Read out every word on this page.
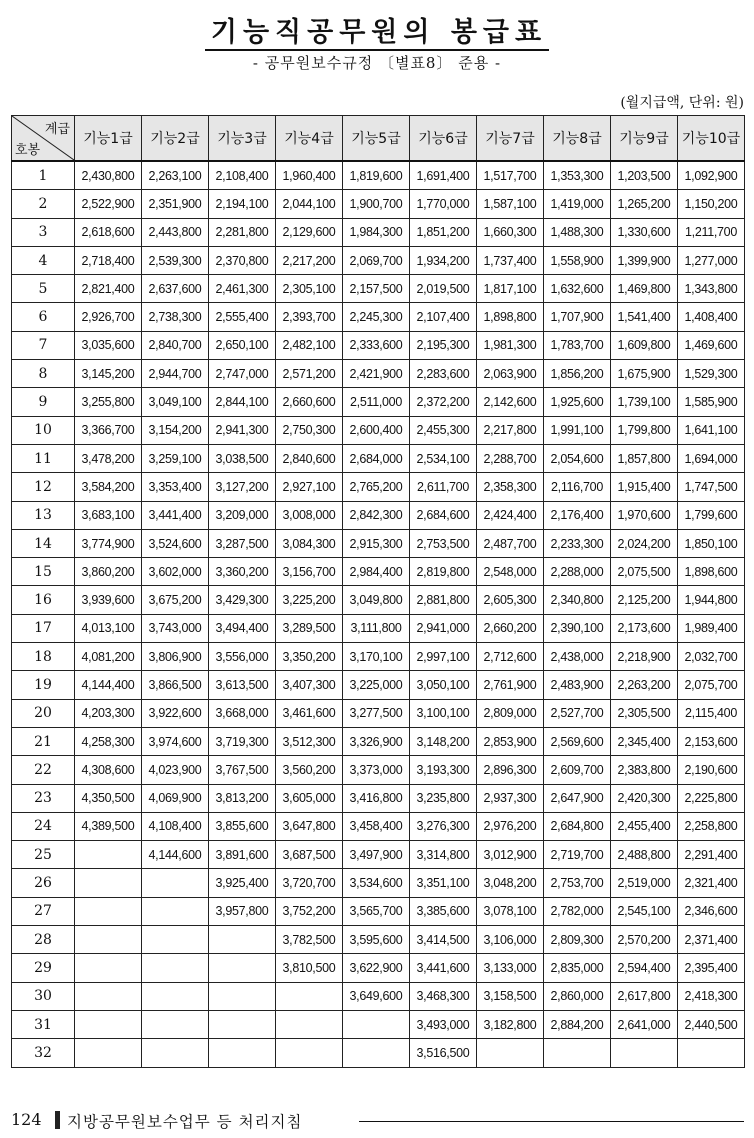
기능직공무원의 봉급표
- 공무원보수규정 〔별표8〕 준용 -
(월지급액, 단위: 원)
계급
호봉	기능1급	기능2급	기능3급	기능4급	기능5급	기능6급	기능7급	기능8급	기능9급	기능10급
1	2,430,800	2,263,100	2,108,400	1,960,400	1,819,600	1,691,400	1,517,700	1,353,300	1,203,500	1,092,900
2	2,522,900	2,351,900	2,194,100	2,044,100	1,900,700	1,770,000	1,587,100	1,419,000	1,265,200	1,150,200
3	2,618,600	2,443,800	2,281,800	2,129,600	1,984,300	1,851,200	1,660,300	1,488,300	1,330,600	1,211,700
4	2,718,400	2,539,300	2,370,800	2,217,200	2,069,700	1,934,200	1,737,400	1,558,900	1,399,900	1,277,000
5	2,821,400	2,637,600	2,461,300	2,305,100	2,157,500	2,019,500	1,817,100	1,632,600	1,469,800	1,343,800
6	2,926,700	2,738,300	2,555,400	2,393,700	2,245,300	2,107,400	1,898,800	1,707,900	1,541,400	1,408,400
7	3,035,600	2,840,700	2,650,100	2,482,100	2,333,600	2,195,300	1,981,300	1,783,700	1,609,800	1,469,600
8	3,145,200	2,944,700	2,747,000	2,571,200	2,421,900	2,283,600	2,063,900	1,856,200	1,675,900	1,529,300
9	3,255,800	3,049,100	2,844,100	2,660,600	2,511,000	2,372,200	2,142,600	1,925,600	1,739,100	1,585,900
10	3,366,700	3,154,200	2,941,300	2,750,300	2,600,400	2,455,300	2,217,800	1,991,100	1,799,800	1,641,100
11	3,478,200	3,259,100	3,038,500	2,840,600	2,684,000	2,534,100	2,288,700	2,054,600	1,857,800	1,694,000
12	3,584,200	3,353,400	3,127,200	2,927,100	2,765,200	2,611,700	2,358,300	2,116,700	1,915,400	1,747,500
13	3,683,100	3,441,400	3,209,000	3,008,000	2,842,300	2,684,600	2,424,400	2,176,400	1,970,600	1,799,600
14	3,774,900	3,524,600	3,287,500	3,084,300	2,915,300	2,753,500	2,487,700	2,233,300	2,024,200	1,850,100
15	3,860,200	3,602,000	3,360,200	3,156,700	2,984,400	2,819,800	2,548,000	2,288,000	2,075,500	1,898,600
16	3,939,600	3,675,200	3,429,300	3,225,200	3,049,800	2,881,800	2,605,300	2,340,800	2,125,200	1,944,800
17	4,013,100	3,743,000	3,494,400	3,289,500	3,111,800	2,941,000	2,660,200	2,390,100	2,173,600	1,989,400
18	4,081,200	3,806,900	3,556,000	3,350,200	3,170,100	2,997,100	2,712,600	2,438,000	2,218,900	2,032,700
19	4,144,400	3,866,500	3,613,500	3,407,300	3,225,000	3,050,100	2,761,900	2,483,900	2,263,200	2,075,700
20	4,203,300	3,922,600	3,668,000	3,461,600	3,277,500	3,100,100	2,809,000	2,527,700	2,305,500	2,115,400
21	4,258,300	3,974,600	3,719,300	3,512,300	3,326,900	3,148,200	2,853,900	2,569,600	2,345,400	2,153,600
22	4,308,600	4,023,900	3,767,500	3,560,200	3,373,000	3,193,300	2,896,300	2,609,700	2,383,800	2,190,600
23	4,350,500	4,069,900	3,813,200	3,605,000	3,416,800	3,235,800	2,937,300	2,647,900	2,420,300	2,225,800
24	4,389,500	4,108,400	3,855,600	3,647,800	3,458,400	3,276,300	2,976,200	2,684,800	2,455,400	2,258,800
25		4,144,600	3,891,600	3,687,500	3,497,900	3,314,800	3,012,900	2,719,700	2,488,800	2,291,400
26			3,925,400	3,720,700	3,534,600	3,351,100	3,048,200	2,753,700	2,519,000	2,321,400
27			3,957,800	3,752,200	3,565,700	3,385,600	3,078,100	2,782,000	2,545,100	2,346,600
28				3,782,500	3,595,600	3,414,500	3,106,000	2,809,300	2,570,200	2,371,400
29				3,810,500	3,622,900	3,441,600	3,133,000	2,835,000	2,594,400	2,395,400
30					3,649,600	3,468,300	3,158,500	2,860,000	2,617,800	2,418,300
31						3,493,000	3,182,800	2,884,200	2,641,000	2,440,500
32						3,516,500				
124 지방공무원보수업무 등 처리지침
